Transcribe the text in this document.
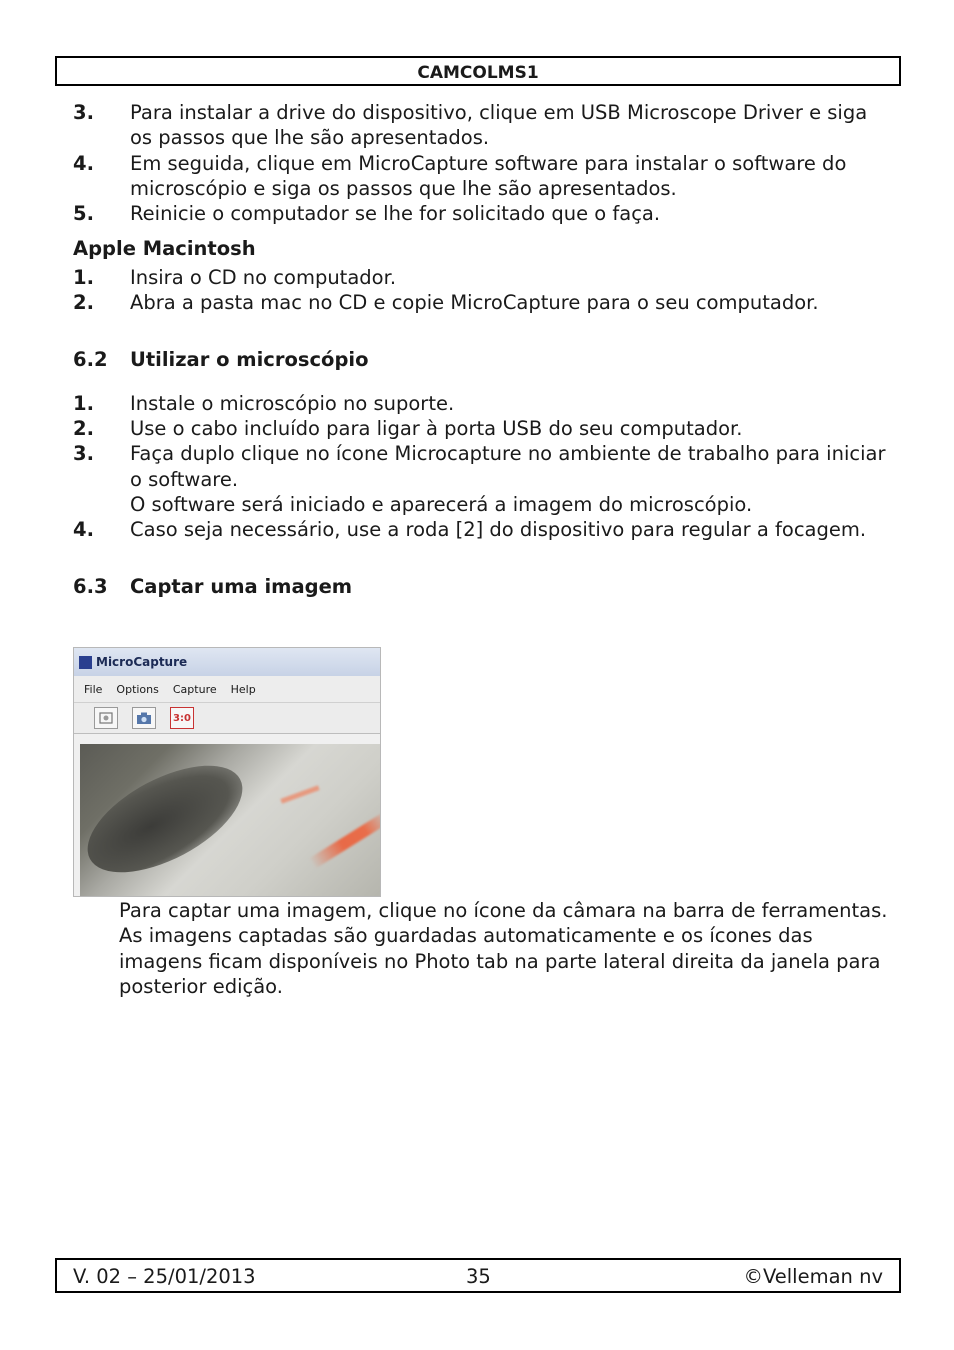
CAMCOLMS1
3. Para instalar a drive do dispositivo, clique em USB Microscope Driver e siga os passos que lhe são apresentados.
4. Em seguida, clique em MicroCapture software para instalar o software do microscópio e siga os passos que lhe são apresentados.
5. Reinicie o computador se lhe for solicitado que o faça.
Apple Macintosh
1. Insira o CD no computador.
2. Abra a pasta mac no CD e copie MicroCapture para o seu computador.
6.2 Utilizar o microscópio
1. Instale o microscópio no suporte.
2. Use o cabo incluído para ligar à porta USB do seu computador.
3. Faça duplo clique no ícone Microcapture no ambiente de trabalho para iniciar o software.
O software será iniciado e aparecerá a imagem do microscópio.
4. Caso seja necessário, use a roda [2] do dispositivo para regular a focagem.
6.3 Captar uma imagem
MicroCapture
File Options Capture Help
3:0
Para captar uma imagem, clique no ícone da câmara na barra de ferramentas.
As imagens captadas são guardadas automaticamente e os ícones das imagens ficam disponíveis no Photo tab na parte lateral direita da janela para posterior edição.
V. 02 – 25/01/2013	35	©Velleman nv
